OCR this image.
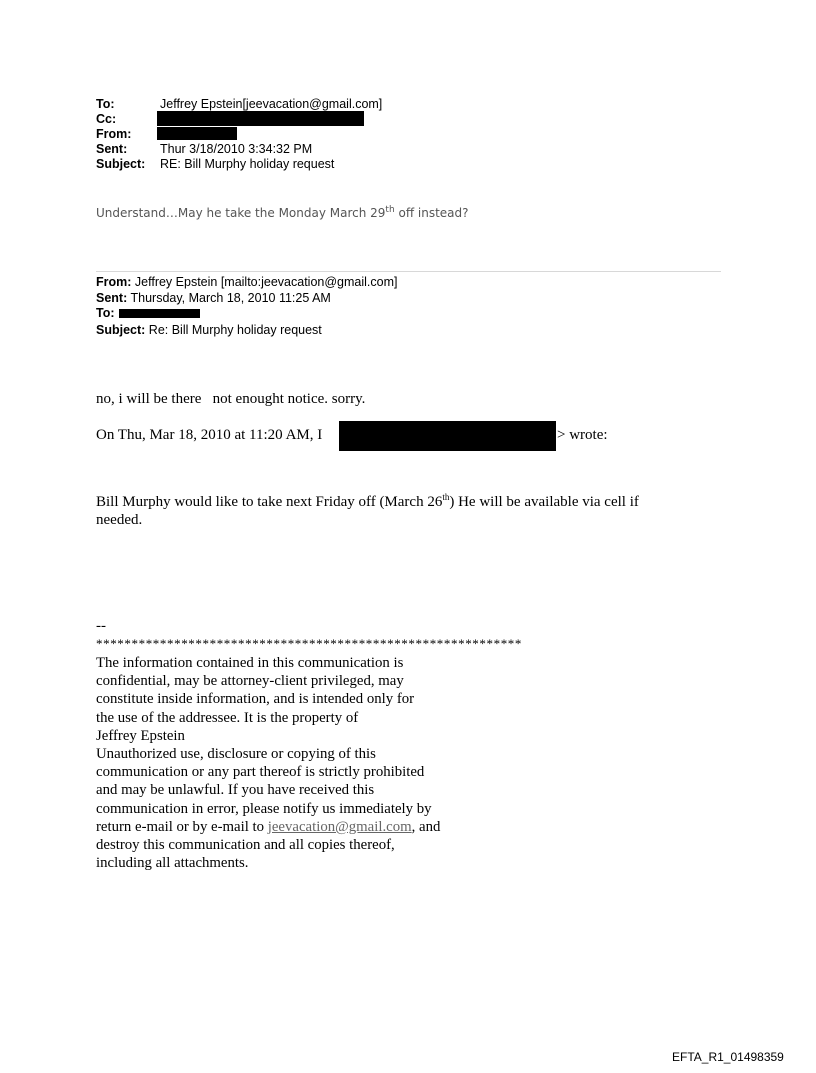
To:	Jeffrey Epstein[jeevacation@gmail.com]
Cc:
From:
Sent:	Thur 3/18/2010 3:34:32 PM
Subject: RE: Bill Murphy holiday request
Understand…May he take the Monday March 29th off instead?
From: Jeffrey Epstein [mailto:jeevacation@gmail.com]
Sent: Thursday, March 18, 2010 11:25 AM
To:
Subject: Re: Bill Murphy holiday request
no, i will be there   not enought notice. sorry.
On Thu, Mar 18, 2010 at 11:20 AM, I	> wrote:
Bill Murphy would like to take next Friday off (March 26th) He will be available via cell if
needed.
--
************************************************************
The information contained in this communication is
confidential, may be attorney-client privileged, may
constitute inside information, and is intended only for
the use of the addressee. It is the property of
Jeffrey Epstein
Unauthorized use, disclosure or copying of this
communication or any part thereof is strictly prohibited
and may be unlawful. If you have received this
communication in error, please notify us immediately by
return e-mail or by e-mail to jeevacation@gmail.com, and
destroy this communication and all copies thereof,
including all attachments.
EFTA_R1_01498359
